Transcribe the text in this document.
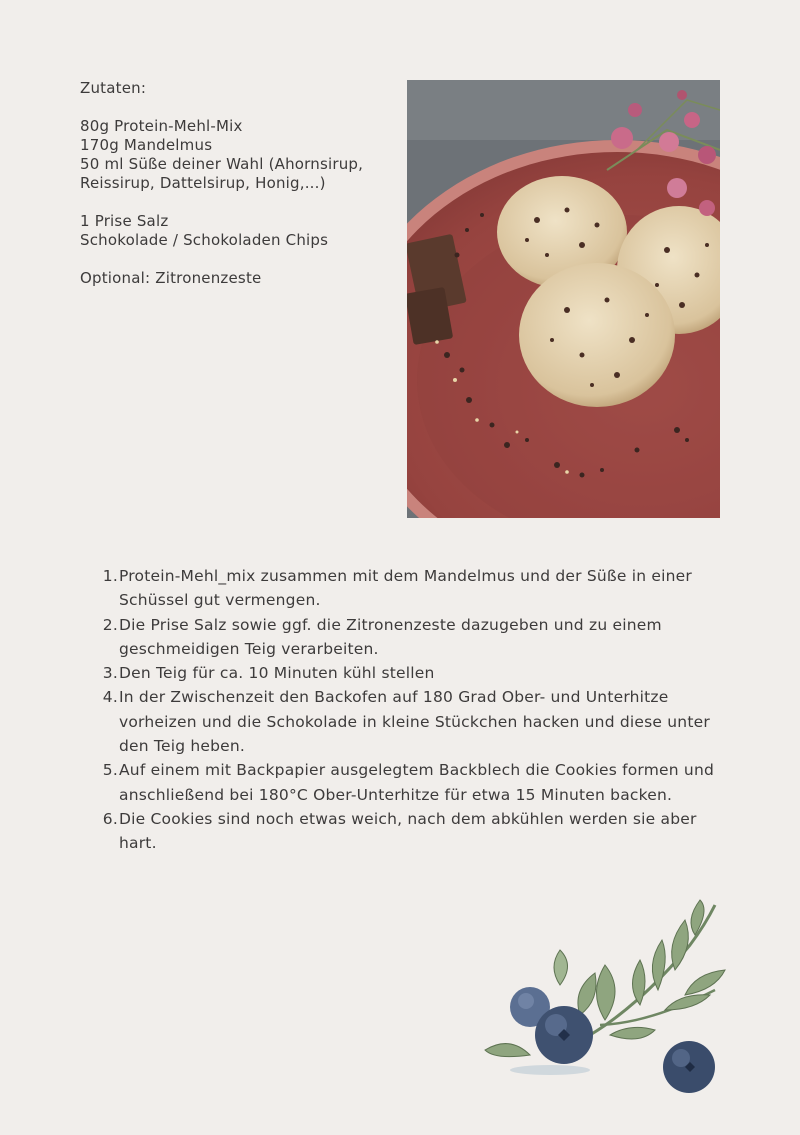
Zutaten:
80g Protein-Mehl-Mix
170g Mandelmus
50 ml Süße deiner Wahl (Ahornsirup,
Reissirup, Dattelsirup, Honig,...)
1 Prise Salz
Schokolade / Schokoladen Chips
Optional: Zitronenzeste
1. Protein-Mehl_mix zusammen mit dem Mandelmus und der Süße in einer Schüssel gut vermengen.
2. Die Prise Salz sowie ggf. die Zitronenzeste dazugeben und zu einem geschmeidigen Teig verarbeiten.
3. Den Teig für ca. 10 Minuten kühl stellen
4. In der Zwischenzeit den Backofen auf 180 Grad Ober- und Unterhitze vorheizen und die Schokolade in kleine Stückchen hacken und diese unter den Teig heben.
5. Auf einem mit Backpapier ausgelegtem Backblech die Cookies formen und anschließend bei 180°C Ober-Unterhitze für etwa 15 Minuten backen.
6. Die Cookies sind noch etwas weich, nach dem abkühlen werden sie aber hart.
